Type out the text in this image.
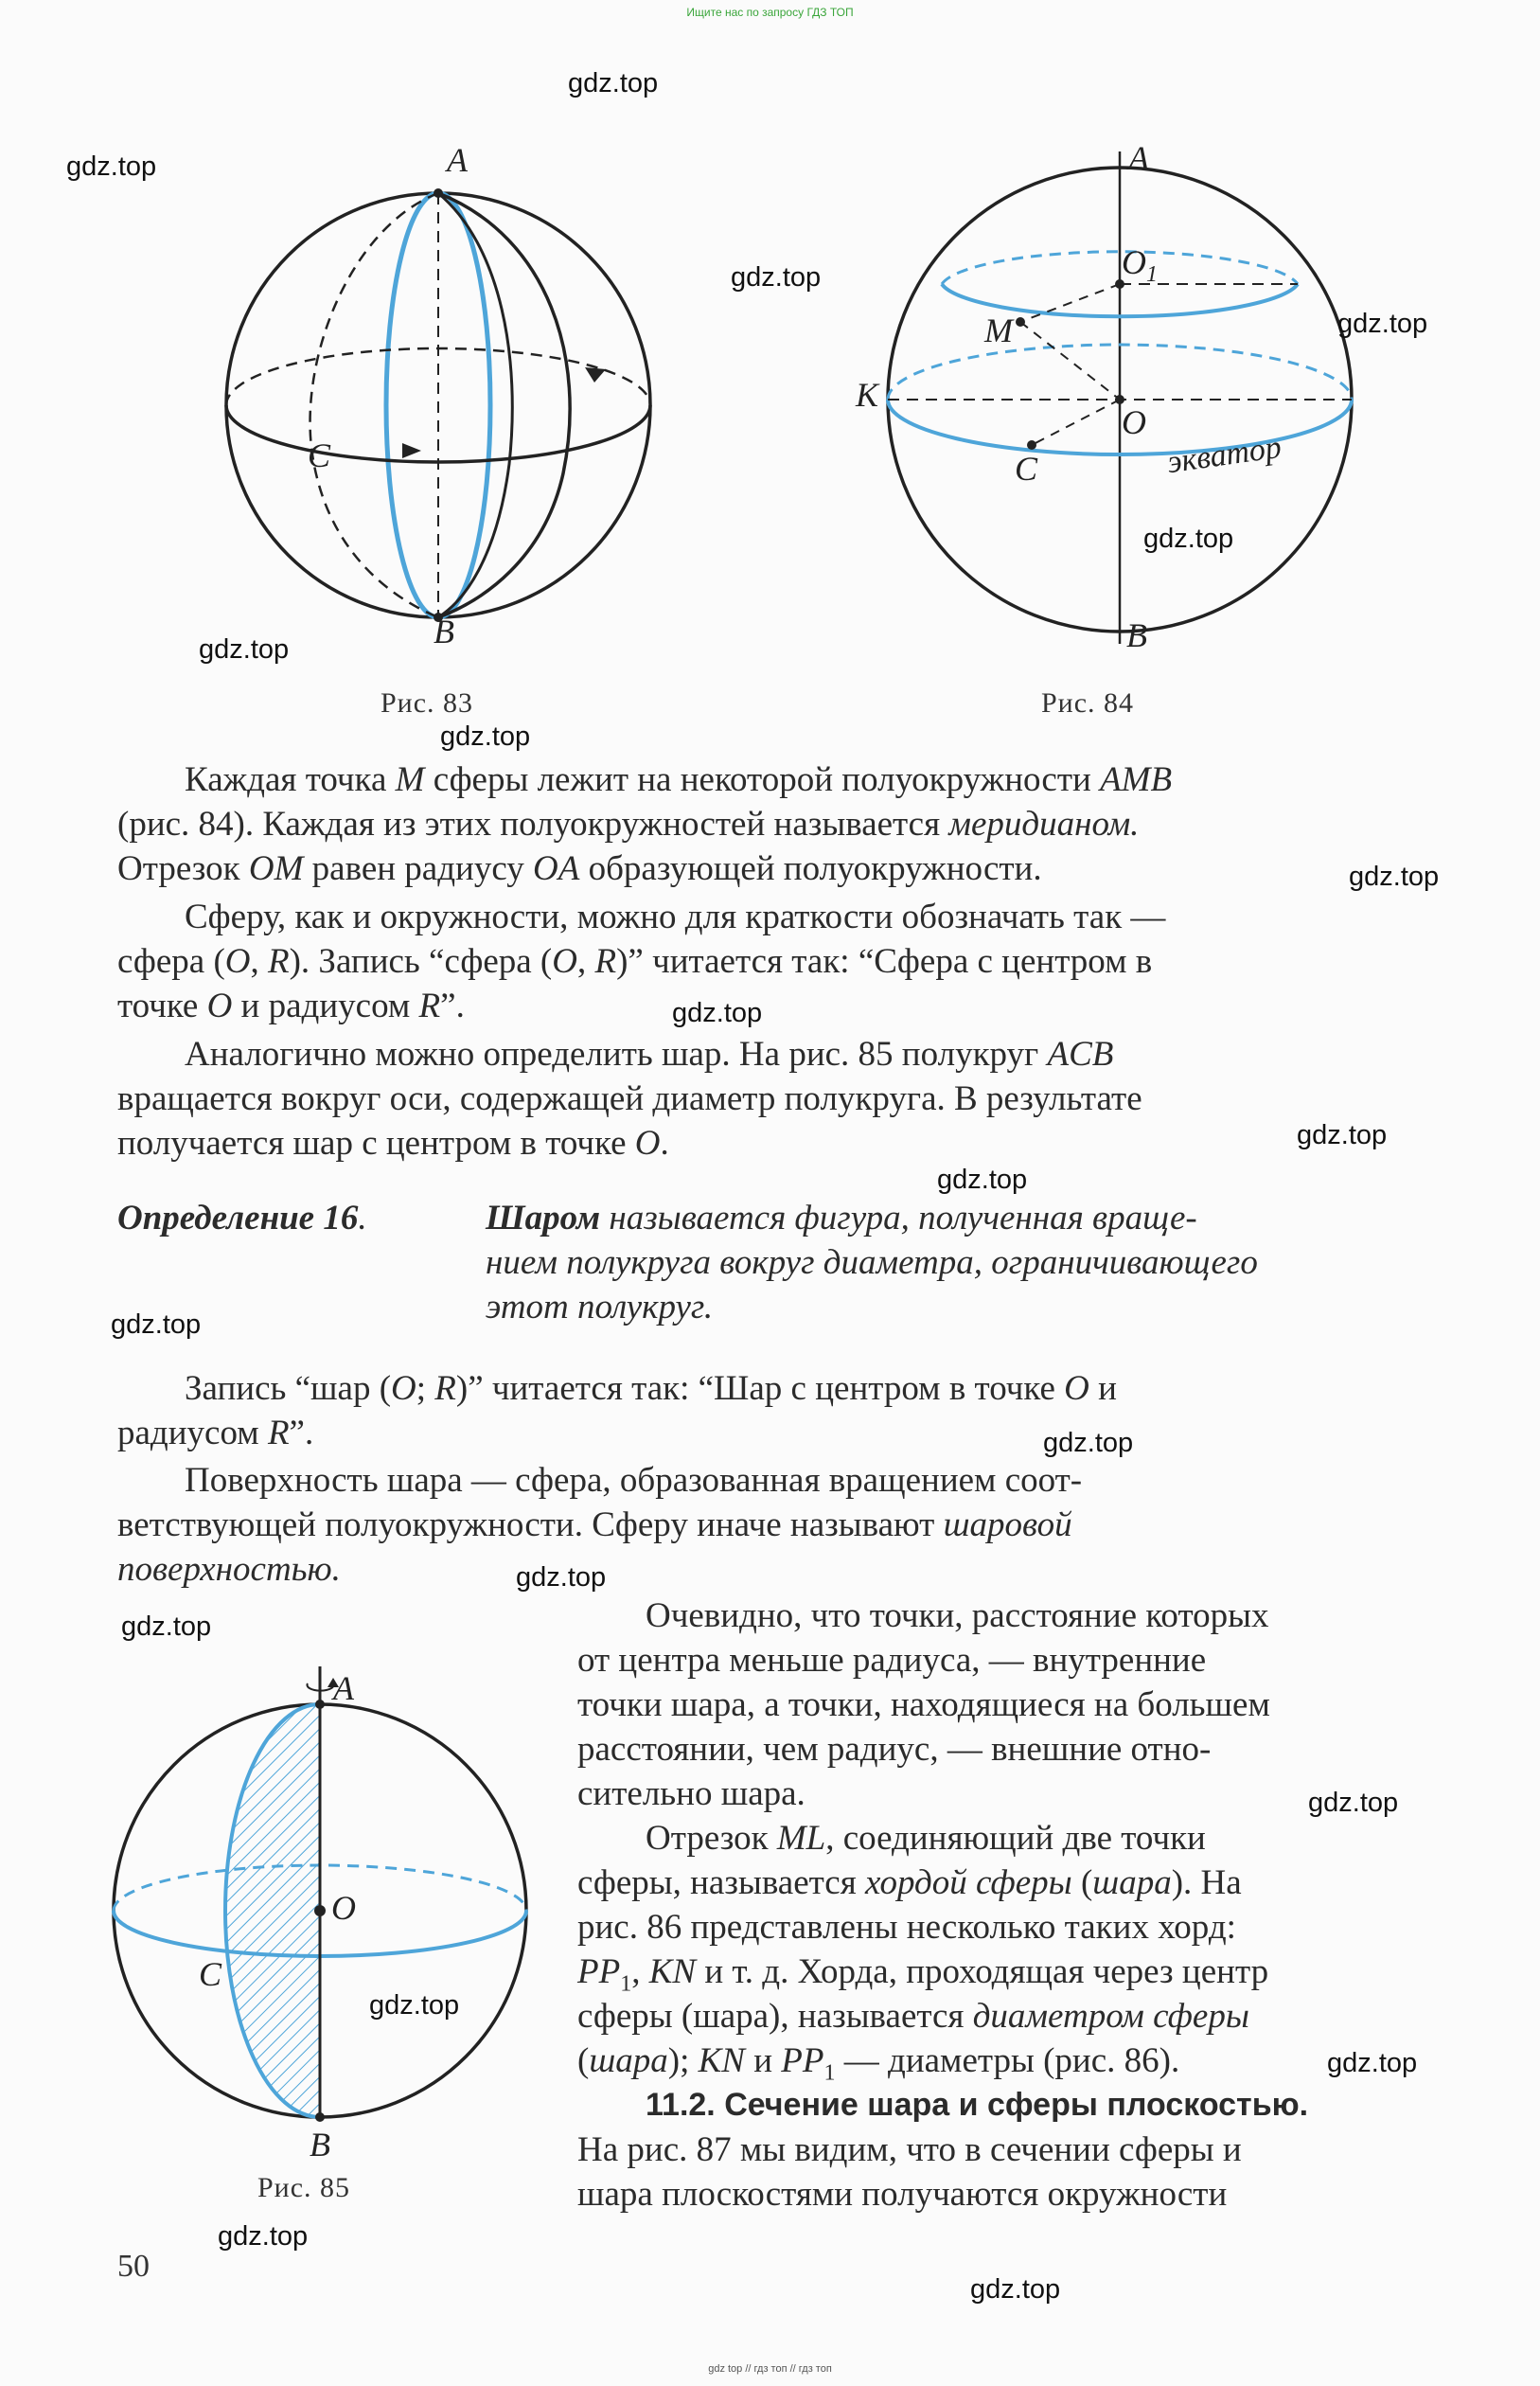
Ищите нас по запросу ГДЗ ТОП
A
C
B
Рис. 83
A
$O_1$
M
K
O
C	экватор
B
Рис. 84
Каждая точка M сферы лежит на некоторой полуокружности AMB
(рис. 84). Каждая из этих полуокружностей называется меридианом.
Отрезок OM равен радиусу OA образующей полуокружности.
Сферу, как и окружности, можно для краткости обозначать так —
сфера (O, R). Запись “сфера (O, R)” читается так: “Сфера с центром в
точке O и радиусом R”.
Аналогично можно определить шар. На рис. 85 полукруг ACB
вращается вокруг оси, содержащей диаметр полукруга. В результате
получается шар с центром в точке O.
Определение 16.	Шаром называется фигура, полученная враще-
нием полукруга вокруг диаметра, ограничивающего
этот полукруг.
Запись “шар (O; R)” читается так: “Шар с центром в точке O и
радиусом R”.
Поверхность шара — сфера, образованная вращением соот-
ветствующей полуокружности. Сферу иначе называют шаровой
поверхностью.
Очевидно, что точки, расстояние которых
от центра меньше радиуса, — внутренние
точки шара, а точки, находящиеся на большем
расстоянии, чем радиус, — внешние отно-
сительно шара.
Отрезок ML, соединяющий две точки
сферы, называется хордой сферы (шара). На
рис. 86 представлены несколько таких хорд:
$PP_1$, KN и т. д. Хорда, проходящая через центр
сферы (шара), называется диаметром сферы
(шара); KN и $PP_1$ — диаметры (рис. 86).
11.2. Сечение шара и сферы плоскостью.
На рис. 87 мы видим, что в сечении сферы и
шара плоскостями получаются окружности
A
O
C
B
Рис. 85
50
gdz.top
gdz.top
gdz.top
gdz.top
gdz.top
gdz.top
gdz.top
gdz.top
gdz.top
gdz.top
gdz.top
gdz.top
gdz.top
gdz.top
gdz.top
gdz.top
gdz.top
gdz.top
gdz.top
gdz.top
gdz top // гдз топ // гдз топ
